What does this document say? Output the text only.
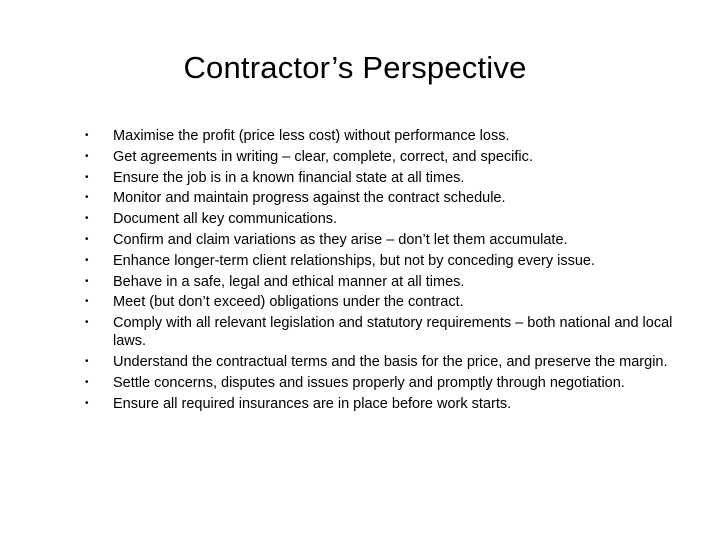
Contractor’s Perspective
•	Maximise the profit (price less cost) without performance loss.
•	Get agreements in writing – clear, complete, correct, and specific.
•	Ensure the job is in a known financial state at all times.
•	Monitor and maintain progress against the contract schedule.
•	Document all key communications.
•	Confirm and claim variations as they arise – don’t let them accumulate.
•	Enhance longer-term client relationships, but not by conceding every issue.
•	Behave in a safe, legal and ethical manner at all times.
•	Meet (but don’t exceed) obligations under the contract.
•	Comply with all relevant legislation and statutory requirements – both national and local laws.
•	Understand the contractual terms and the basis for the price, and preserve the margin.
•	Settle concerns, disputes and issues properly and promptly through negotiation.
•	Ensure all required insurances are in place before work starts.
